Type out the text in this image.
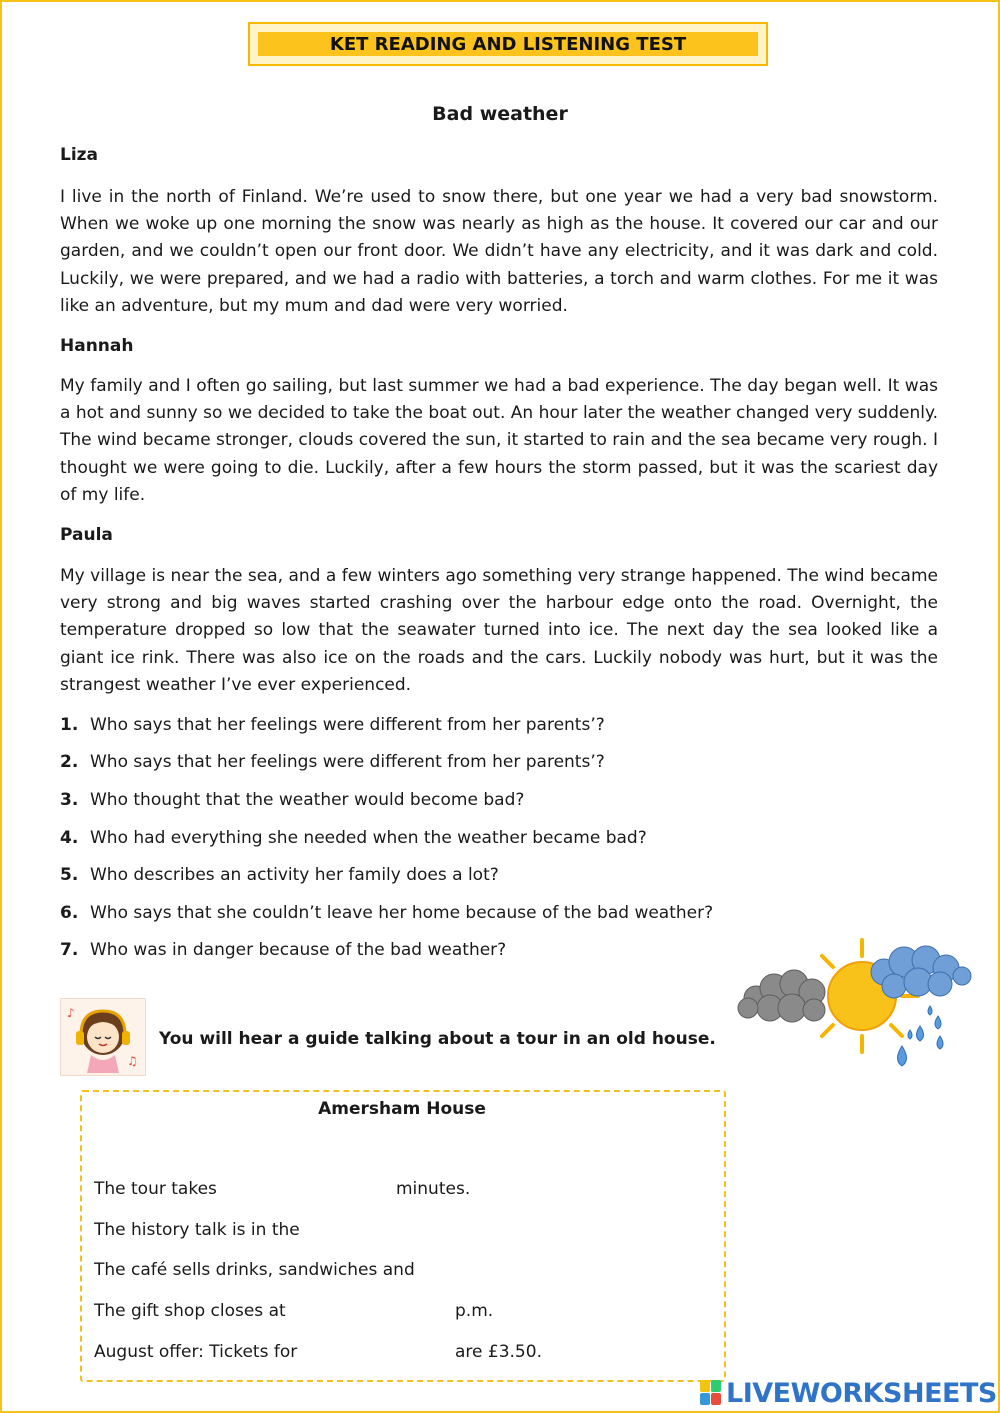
KET READING AND LISTENING TEST
Bad weather
Liza

I live in the north of Finland. We’re used to snow there, but one year we had a very bad snowstorm. When we woke up one morning the snow was nearly as high as the house. It covered our car and our garden, and we couldn’t open our front door. We didn’t have any electricity, and it was dark and cold. Luckily, we were prepared, and we had a radio with batteries, a torch and warm clothes. For me it was like an adventure, but my mum and dad were very worried.

Hannah

My family and I often go sailing, but last summer we had a bad experience. The day began well. It was a hot and sunny so we decided to take the boat out. An hour later the weather changed very suddenly. The wind became stronger, clouds covered the sun, it started to rain and the sea became very rough. I thought we were going to die. Luckily, after a few hours the storm passed, but it was the scariest day of my life.

Paula

My village is near the sea, and a few winters ago something very strange happened. The wind became very strong and big waves started crashing over the harbour edge onto the road. Overnight, the temperature dropped so low that the seawater turned into ice. The next day the sea looked like a giant ice rink. There was also ice on the roads and the cars. Luckily nobody was hurt, but it was the strangest weather I’ve ever experienced.

1. Who says that her feelings were different from her parents’?
2. Who says that her feelings were different from her parents’?
3. Who thought that the weather would become bad?
4. Who had everything she needed when the weather became bad?
5. Who describes an activity her family does a lot?
6. Who says that she couldn’t leave her home because of the bad weather?
7. Who was in danger because of the bad weather?
♪
♫
You will hear a guide talking about a tour in an old house.
Amersham House
The tour takes	minutes.
The history talk is in the
The café sells drinks, sandwiches and
The gift shop closes at	p.m.
August offer: Tickets for	are £3.50.
LIVEWORKSHEETS
